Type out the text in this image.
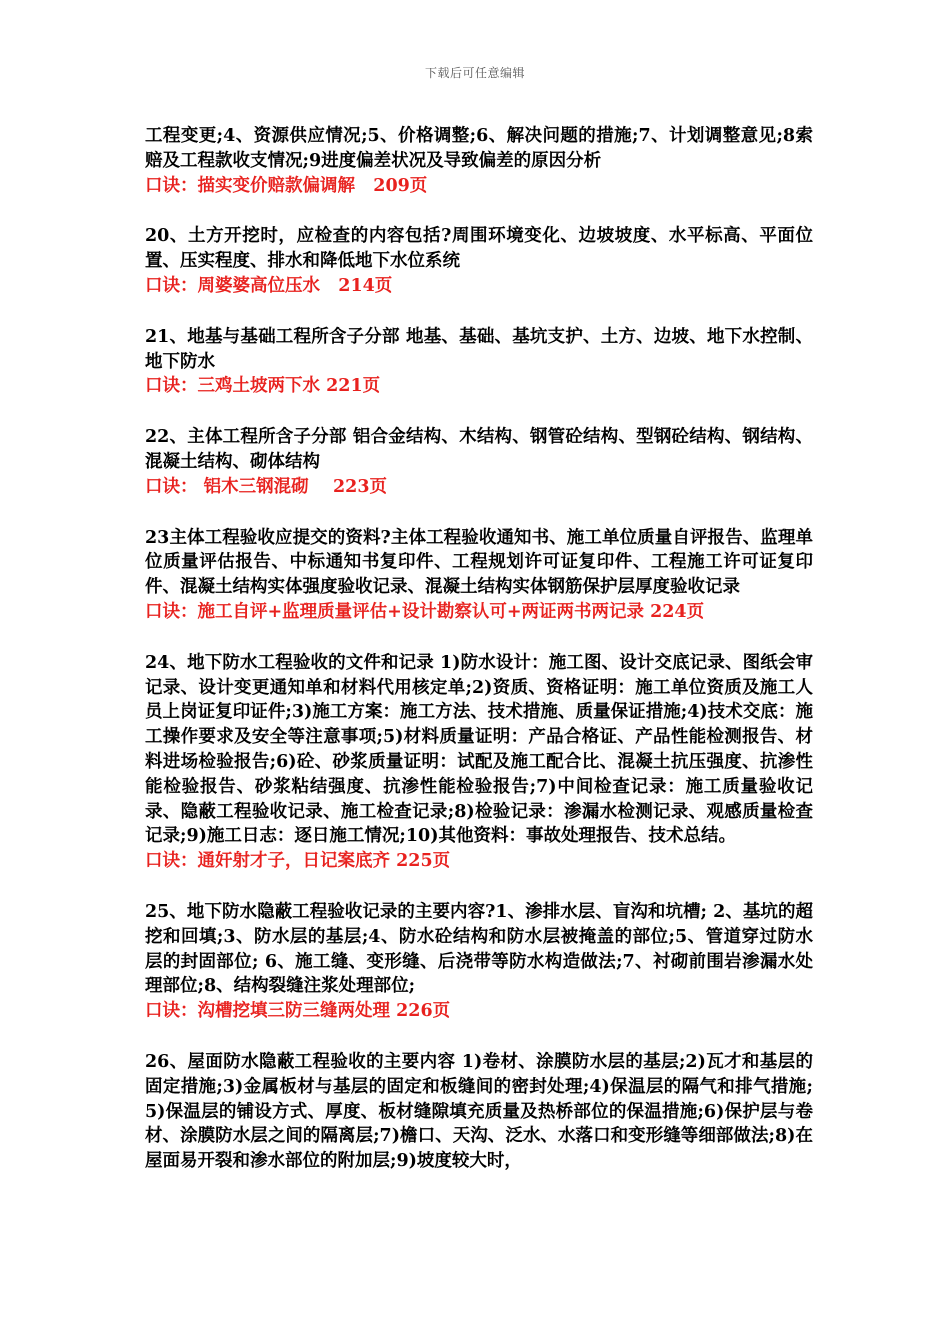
下载后可任意编辑

工程变更;4、资源供应情况;5、价格调整;6、解决问题的措施;7、计划调整意见;8索赔及工程款收支情况;9进度偏差状况及导致偏差的原因分析

口诀：描实变价赔款偏调解   209页

20、土方开挖时，应检查的内容包括?周围环境变化、边坡坡度、水平标高、平面位置、压实程度、排水和降低地下水位系统

口诀：周婆婆高位压水   214页

21、地基与基础工程所含子分部 地基、基础、基坑支护、土方、边坡、地下水控制、地下防水

口诀：三鸡土坡两下水 221页

22、主体工程所含子分部 铝合金结构、木结构、钢管砼结构、型钢砼结构、钢结构、混凝土结构、砌体结构

口诀： 铝木三钢混砌    223页

23主体工程验收应提交的资料?主体工程验收通知书、施工单位质量自评报告、监理单位质量评估报告、中标通知书复印件、工程规划许可证复印件、工程施工许可证复印件、混凝土结构实体强度验收记录、混凝土结构实体钢筋保护层厚度验收记录

口诀：施工自评+监理质量评估+设计勘察认可+两证两书两记录 224页

24、地下防水工程验收的文件和记录 1)防水设计：施工图、设计交底记录、图纸会审记录、设计变更通知单和材料代用核定单;2)资质、资格证明：施工单位资质及施工人员上岗证复印证件;3)施工方案：施工方法、技术措施、质量保证措施;4)技术交底：施工操作要求及安全等注意事项;5)材料质量证明：产品合格证、产品性能检测报告、材料进场检验报告;6)砼、砂浆质量证明：试配及施工配合比、混凝土抗压强度、抗渗性能检验报告、砂浆粘结强度、抗渗性能检验报告;7)中间检查记录：施工质量验收记录、隐蔽工程验收记录、施工检查记录;8)检验记录：渗漏水检测记录、观感质量检查记录;9)施工日志：逐日施工情况;10)其他资料：事故处理报告、技术总结。

口诀：通奸射才子，日记案底齐 225页

25、地下防水隐蔽工程验收记录的主要内容?1、渗排水层、盲沟和坑槽; 2、基坑的超挖和回填;3、防水层的基层;4、防水砼结构和防水层被掩盖的部位;5、管道穿过防水层的封固部位; 6、施工缝、变形缝、后浇带等防水构造做法;7、衬砌前围岩渗漏水处理部位;8、结构裂缝注浆处理部位;

口诀：沟槽挖填三防三缝两处理 226页

26、屋面防水隐蔽工程验收的主要内容 1)卷材、涂膜防水层的基层;2)瓦才和基层的固定措施;3)金属板材与基层的固定和板缝间的密封处理;4)保温层的隔气和排气措施;5)保温层的铺设方式、厚度、板材缝隙填充质量及热桥部位的保温措施;6)保护层与卷材、涂膜防水层之间的隔离层;7)檐口、天沟、泛水、水落口和变形缝等细部做法;8)在屋面易开裂和渗水部位的附加层;9)坡度较大时，
